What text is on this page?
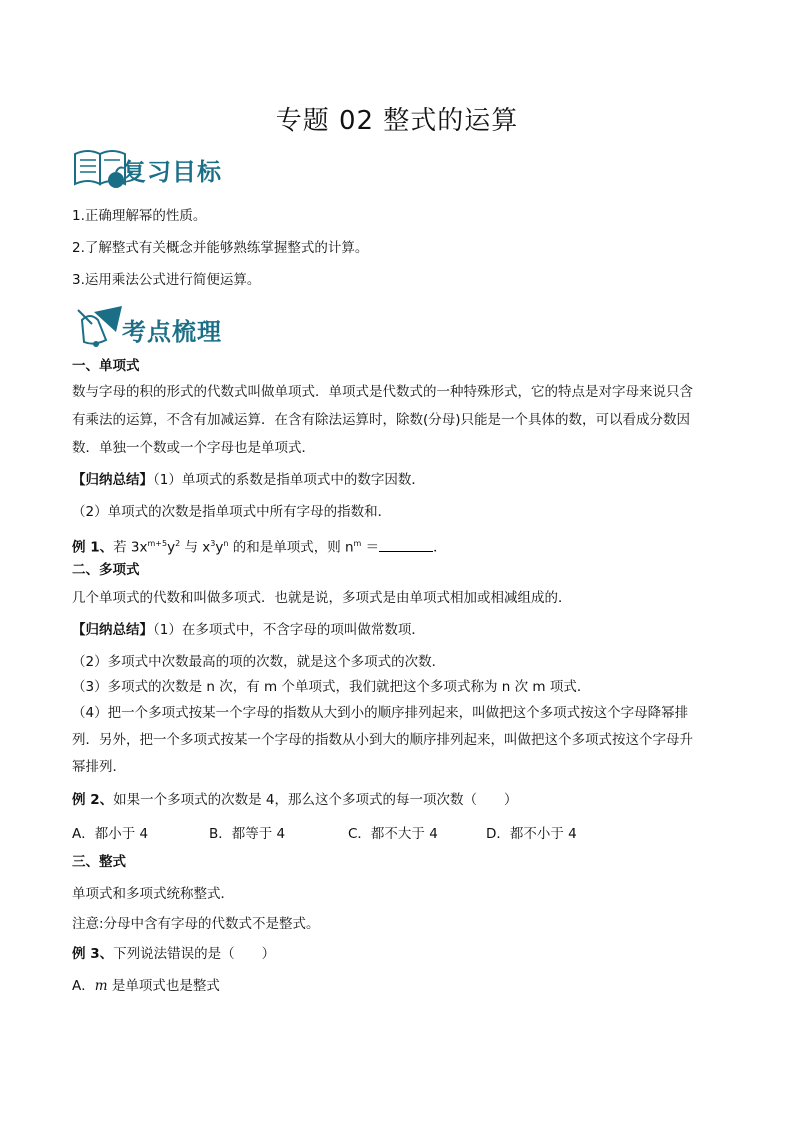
专题 02 整式的运算
复习目标
1.正确理解幂的性质。
2.了解整式有关概念并能够熟练掌握整式的计算。
3.运用乘法公式进行简便运算。
考点梳理
一、单项式
数与字母的积的形式的代数式叫做单项式．单项式是代数式的一种特殊形式，它的特点是对字母来说只含
有乘法的运算，不含有加减运算．在含有除法运算时，除数(分母)只能是一个具体的数，可以看成分数因
数．单独一个数或一个字母也是单项式．
【归纳总结】（1）单项式的系数是指单项式中的数字因数．
（2）单项式的次数是指单项式中所有字母的指数和．
例 1、若 $3x^{m+5}y^2$ 与 $x^3y^n$ 的和是单项式，则 $n^m$ ＝	．
二、多项式
几个单项式的代数和叫做多项式．也就是说，多项式是由单项式相加或相减组成的．
【归纳总结】（1）在多项式中，不含字母的项叫做常数项．
（2）多项式中次数最高的项的次数，就是这个多项式的次数．
（3）多项式的次数是 n 次，有 m 个单项式，我们就把这个多项式称为 n 次 m 项式．
（4）把一个多项式按某一个字母的指数从大到小的顺序排列起来，叫做把这个多项式按这个字母降幂排
列．另外，把一个多项式按某一个字母的指数从小到大的顺序排列起来，叫做把这个多项式按这个字母升
幂排列．
例 2、如果一个多项式的次数是 4，那么这个多项式的每一项次数（　　）
A．都小于 4	B．都等于 4	C．都不大于 4	D．都不小于 4
三、整式
单项式和多项式统称整式．
注意:分母中含有字母的代数式不是整式。
例 3、下列说法错误的是（　　）
A．m 是单项式也是整式
